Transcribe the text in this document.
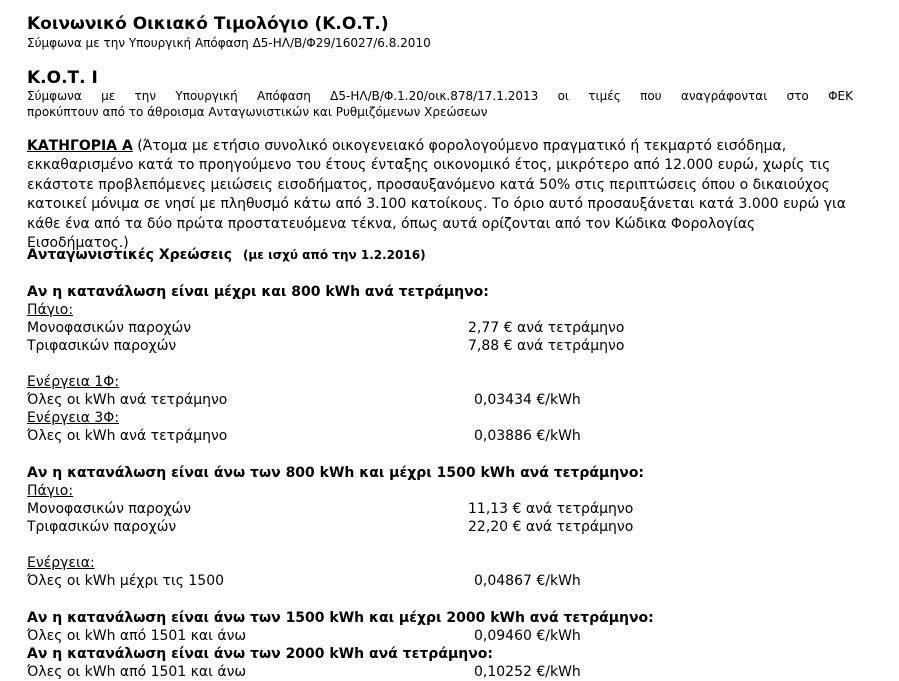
Κοινωνικό Οικιακό Τιμολόγιο (Κ.Ο.Τ.)
Σύμφωνα με την Υπουργική Απόφαση Δ5-ΗΛ/Β/Φ29/16027/6.8.2010
Κ.Ο.Τ. Ι
Σύμφωνα με την Υπουργική Απόφαση Δ5-ΗΛ/Β/Φ.1.20/οικ.878/17.1.2013 οι τιμές που αναγράφονται στο ΦΕΚ
προκύπτουν από το άθροισμα Ανταγωνιστικών και Ρυθμιζόμενων Χρεώσεων
ΚΑΤΗΓΟΡΙΑ Α (Άτομα με ετήσιο συνολικό οικογενειακό φορολογούμενο πραγματικό ή τεκμαρτό εισόδημα, εκκαθαρισμένο κατά το προηγούμενο του έτους ένταξης οικονομικό έτος, μικρότερο από 12.000 ευρώ, χωρίς τις εκάστοτε προβλεπόμενες μειώσεις εισοδήματος, προσαυξανόμενο κατά 50% στις περιπτώσεις όπου ο δικαιούχος κατοικεί μόνιμα σε νησί με πληθυσμό κάτω από 3.100 κατοίκους. Το όριο αυτό προσαυξάνεται κατά 3.000 ευρώ για κάθε ένα από τα δύο πρώτα προστατευόμενα τέκνα, όπως αυτά ορίζονται από τον Κώδικα Φορολογίας Εισοδήματος.)
Ανταγωνιστικές Χρεώσεις (με ισχύ από την 1.2.2016)
Αν η κατανάλωση είναι μέχρι και 800 kWh ανά τετράμηνο:
Πάγιο:
Μονοφασικών παροχών	2,77 € ανά τετράμηνο
Τριφασικών παροχών	7,88 € ανά τετράμηνο
Ενέργεια 1Φ:
Όλες οι kWh ανά τετράμηνο	0,03434 €/kWh
Ενέργεια 3Φ:
Όλες οι kWh ανά τετράμηνο	0,03886 €/kWh
Αν η κατανάλωση είναι άνω των 800 kWh και μέχρι 1500 kWh ανά τετράμηνο:
Πάγιο:
Μονοφασικών παροχών	11,13 € ανά τετράμηνο
Τριφασικών παροχών	22,20 € ανά τετράμηνο
Ενέργεια:
Όλες οι kWh μέχρι τις 1500	0,04867 €/kWh
Αν η κατανάλωση είναι άνω των 1500 kWh και μέχρι 2000 kWh ανά τετράμηνο:
Όλες οι kWh από 1501 και άνω	0,09460 €/kWh
Αν η κατανάλωση είναι άνω των 2000 kWh ανά τετράμηνο:
Όλες οι kWh από 1501 και άνω	0,10252 €/kWh
